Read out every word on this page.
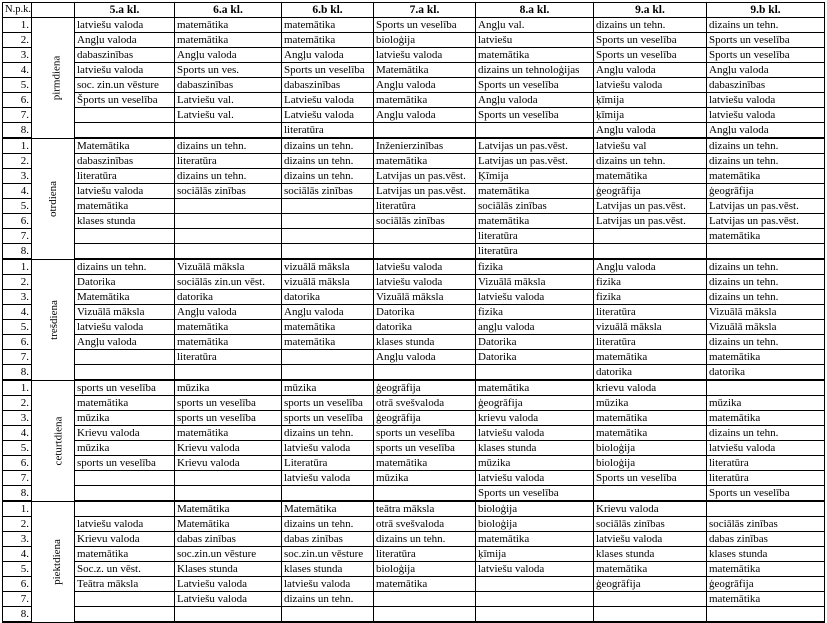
N.p.k.		5.a kl.	6.a kl.	6.b kl.	7.a kl.	8.a kl.	9.a kl.	9.b kl.
1.	pirmdiena	latviešu valoda	matemātika	matemātika	Sports un veselība	Angļu val.	dizains un tehn.	dizains un tehn.
2.		Angļu valoda	matemātika	matemātika	bioloģija	latviešu	Sports un veselība	Sports un veselība
3.		dabaszinības	Angļu valoda	Angļu valoda	latviešu valoda	matemātika	Sports un veselība	Sports un veselība
4.		latviešu valoda	Sports un ves.	Sports un veselība	Matemātika	dizains un tehnoloģijas	Angļu valoda	Angļu valoda
5.		soc. zin.un vēsture	dabaszinības	dabaszinības	Angļu valoda	Sports un veselība	latviešu valoda	dabaszinības
6.		Šports un veselība	Latviešu val.	Latviešu valoda	matemātika	Angļu valoda	ķīmija	latviešu valoda
7.			Latviešu val.	Latviešu valoda	Angļu valoda	Sports un veselība	ķīmija	latviešu valoda
8.				literatūra			Angļu valoda	Angļu valoda
1.	otrdiena	Matemātika	dizains un tehn.	dizains un tehn.	Inženierzinības	Latvijas un pas.vēst.	latviešu val	dizains un tehn.
2.		dabaszinības	literatūra	dizains un tehn.	matemātika	Latvijas un pas.vēst.	dizains un tehn.	dizains un tehn.
3.		literatūra	dizains un tehn.	dizains un tehn.	Latvijas un pas.vēst.	Ķīmija	matemātika	matemātika
4.		latviešu valoda	sociālās zinības	sociālās zinības	Latvijas un pas.vēst.	matemātika	ģeogrāfija	ģeogrāfija
5.		matemātika			literatūra	sociālās zinības	Latvijas un pas.vēst.	Latvijas un pas.vēst.
6.		klases stunda			sociālās zinības	matemātika	Latvijas un pas.vēst.	Latvijas un pas.vēst.
7.						literatūra		matemātika
8.						literatūra		
1.	trešdiena	dizains un tehn.	Vizuālā māksla	vizuālā māksla	latviešu valoda	fizika	Angļu valoda	dizains un tehn.
2.		Datorika	sociālās zin.un vēst.	vizuālā māksla	latviešu valoda	Vizuālā māksla	fizika	dizains un tehn.
3.		Matemātika	datorika	datorika	Vizuālā māksla	latviešu valoda	fizika	dizains un tehn.
4.		Vizuālā māksla	Angļu valoda	Angļu valoda	Datorika	fizika	literatūra	Vizuālā māksla
5.		latviešu valoda	matemātika	matemātika	datorika	angļu valoda	vizuālā māksla	Vizuālā māksla
6.		Angļu valoda	matemātika	matemātika	klases stunda	Datorika	literatūra	dizains un tehn.
7.			literatūra		Angļu valoda	Datorika	matemātika	matemātika
8.							datorika	datorika
1.	ceturtdiena	sports un veselība	mūzika	mūzika	ģeogrāfija	matemātika	krievu valoda	
2.		matemātika	sports un veselība	sports un veselība	otrā svešvaloda	ģeogrāfija	mūzika	mūzika
3.		mūzika	sports un veselība	sports un veselība	ģeogrāfija	krievu valoda	matemātika	matemātika
4.		Krievu valoda	matemātika	dizains un tehn.	sports un veselība	latviešu valoda	matemātika	dizains un tehn.
5.		mūzika	Krievu valoda	latviešu valoda	sports un veselība	klases stunda	bioloģija	latviešu valoda
6.		sports un veselība	Krievu valoda	Literatūra	matemātika	mūzika	bioloģija	literatūra
7.				latviešu valoda	mūzika	latviešu valoda	Sports un veselība	literatūra
8.						Sports un veselība		Sports un veselība
1.	piektdiena		Matemātika	Matemātika	teātra māksla	bioloģija	Krievu valoda	
2.		latviešu valoda	Matemātika	dizains un tehn.	otrā svešvaloda	bioloģija	sociālās zinības	sociālās zinības
3.		Krievu valoda	dabas zinības	dabas zinības	dizains un tehn.	matemātika	latviešu valoda	dabas zinības
4.		matemātika	soc.zin.un vēsture	soc.zin.un vēsture	literatūra	ķīmija	klases stunda	klases stunda
5.		Soc.z. un vēst.	Klases stunda	klases stunda	bioloģija	latviešu valoda	matemātika	matemātika
6.		Teātra māksla	Latviešu valoda	latviešu valoda	matemātika		ģeogrāfija	ģeogrāfija
7.			Latviešu valoda	dizains un tehn.				matemātika
8.								
